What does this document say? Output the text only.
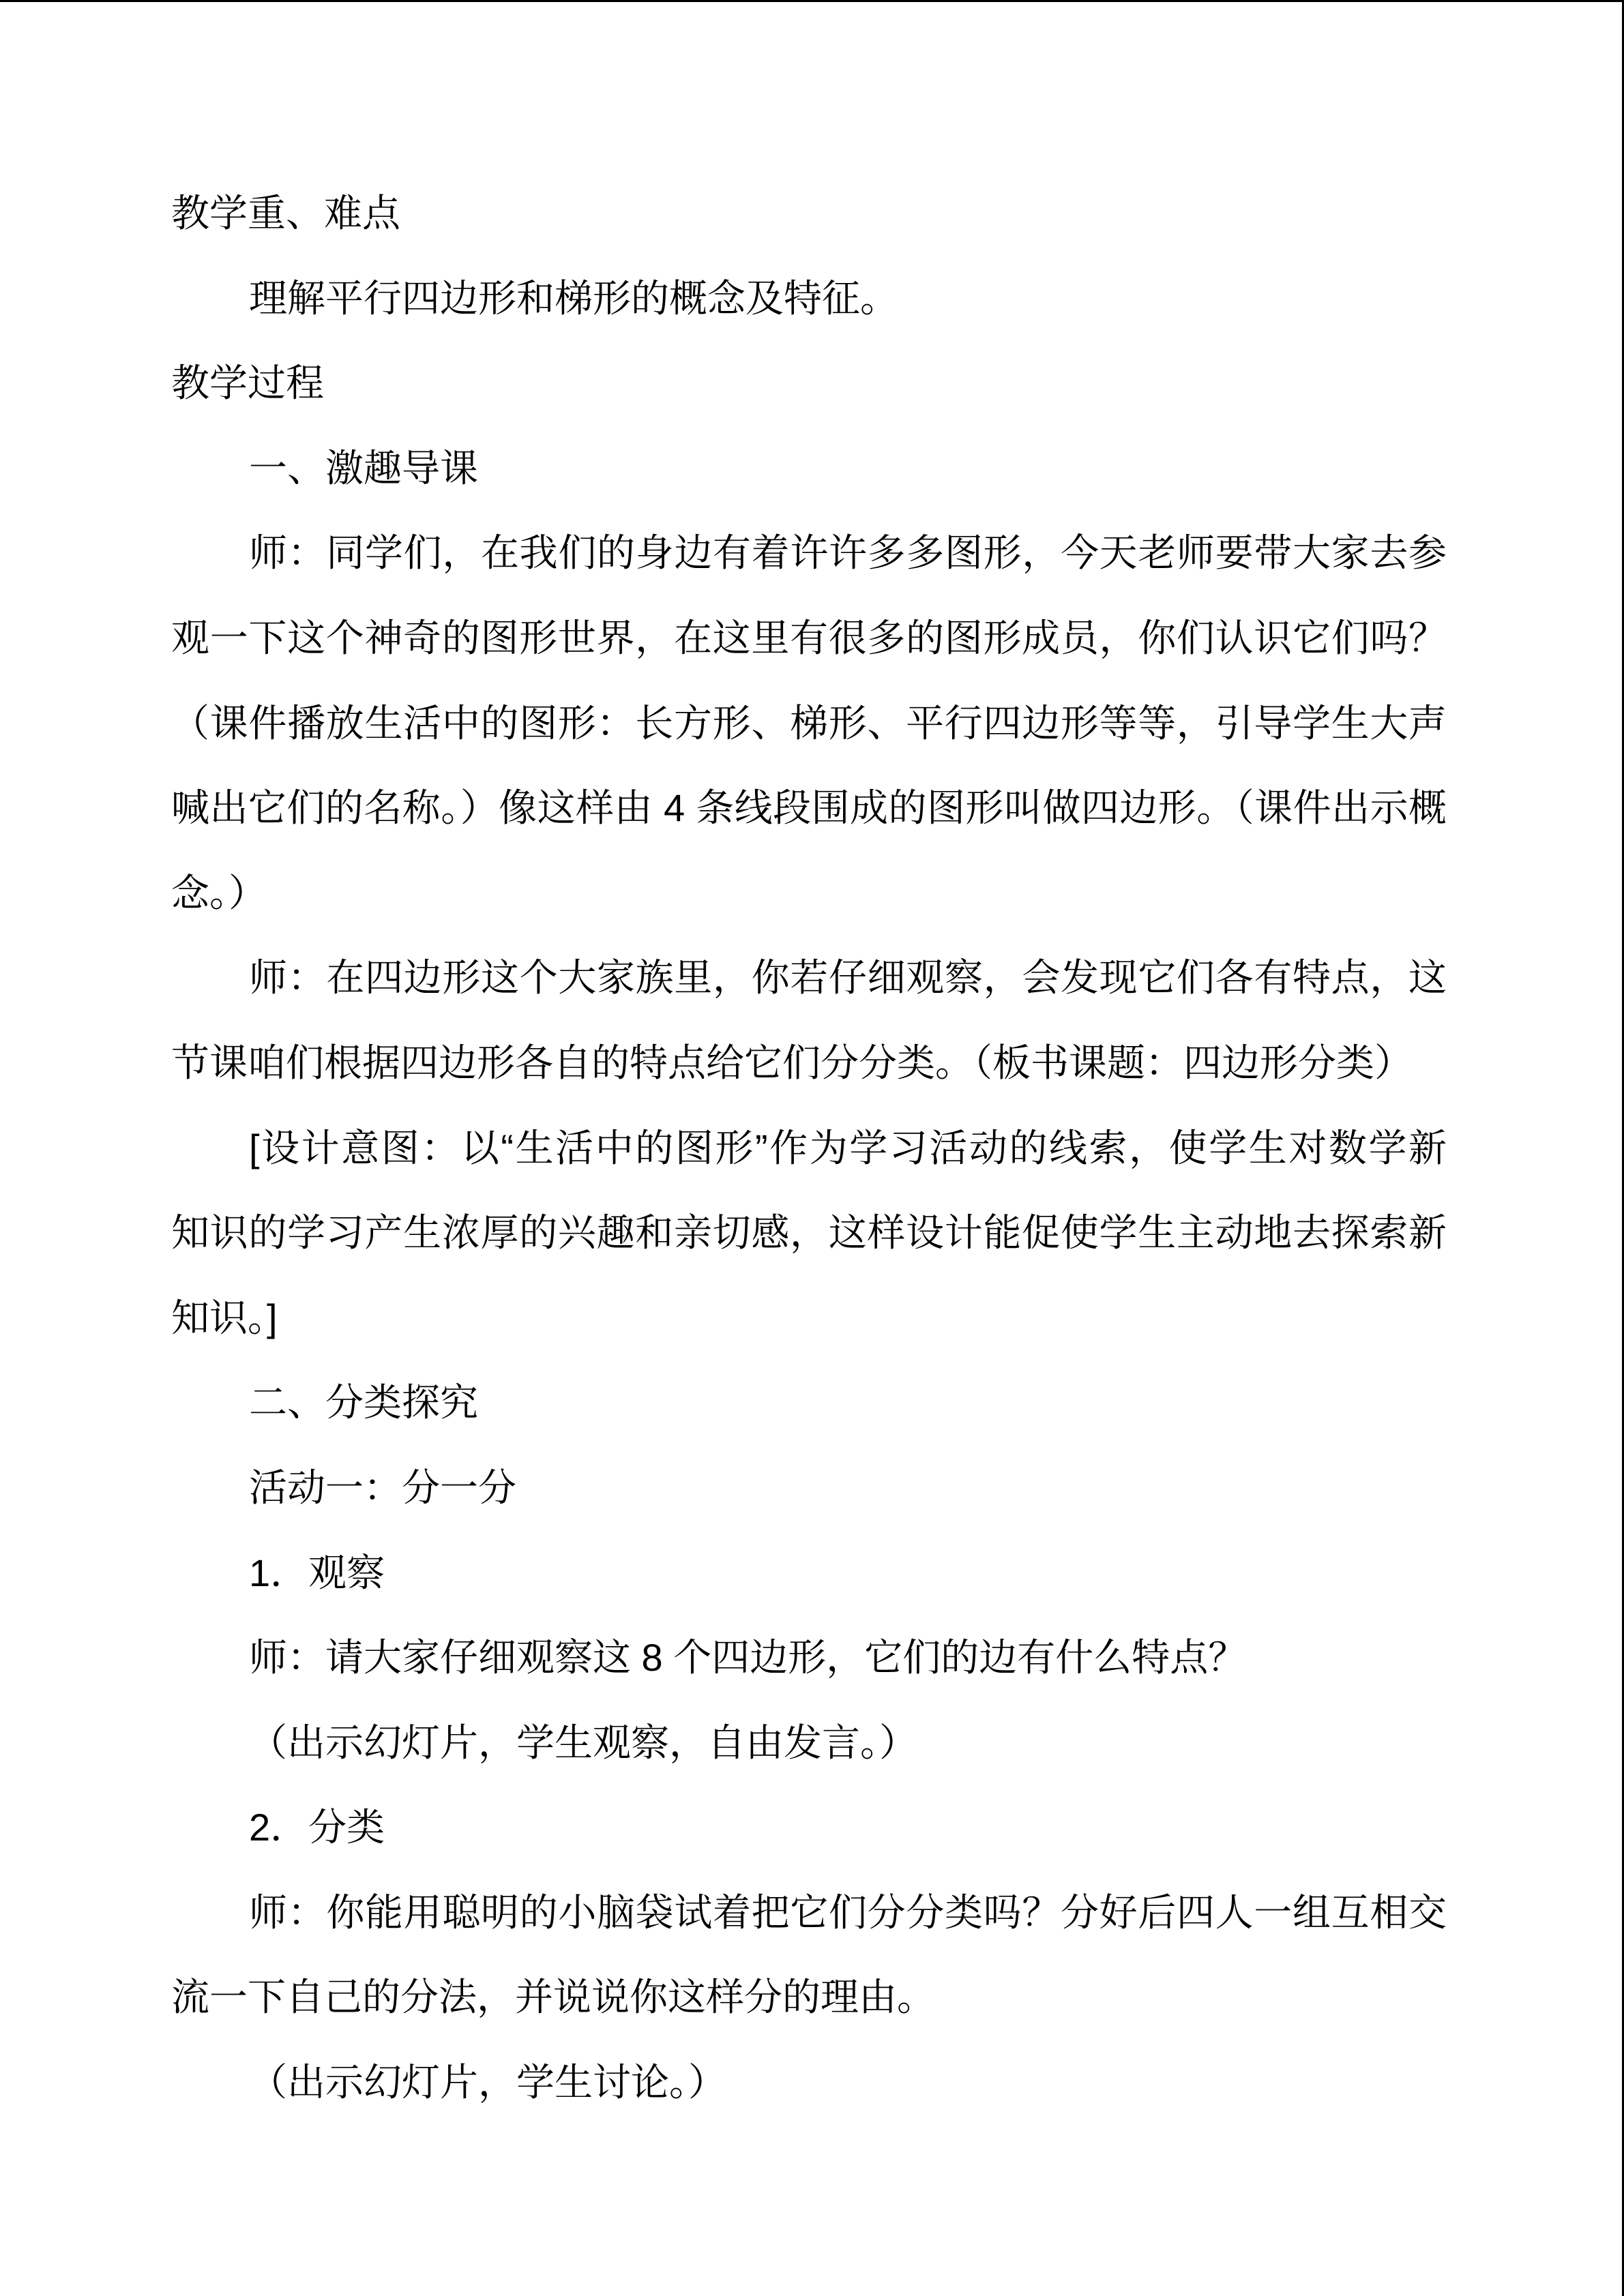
教学重、难点
理解平行四边形和梯形的概念及特征。
教学过程
一、激趣导课
师：同学们，在我们的身边有着许许多多图形，今天老师要带大家去参
观一下这个神奇的图形世界，在这里有很多的图形成员，你们认识它们吗？
（课件播放生活中的图形：长方形、梯形、平行四边形等等，引导学生大声
喊出它们的名称。）像这样由 4 条线段围成的图形叫做四边形。（课件出示概
念。）
师：在四边形这个大家族里，你若仔细观察，会发现它们各有特点，这
节课咱们根据四边形各自的特点给它们分分类。（板书课题：四边形分类）
[设计意图：以“生活中的图形”作为学习活动的线索，使学生对数学新
知识的学习产生浓厚的兴趣和亲切感，这样设计能促使学生主动地去探索新
知识。]
二、分类探究
活动一：分一分
1．观察
师：请大家仔细观察这 8 个四边形，它们的边有什么特点？
（出示幻灯片，学生观察，自由发言。）
2．分类
师：你能用聪明的小脑袋试着把它们分分类吗？分好后四人一组互相交
流一下自己的分法，并说说你这样分的理由。
（出示幻灯片，学生讨论。）
